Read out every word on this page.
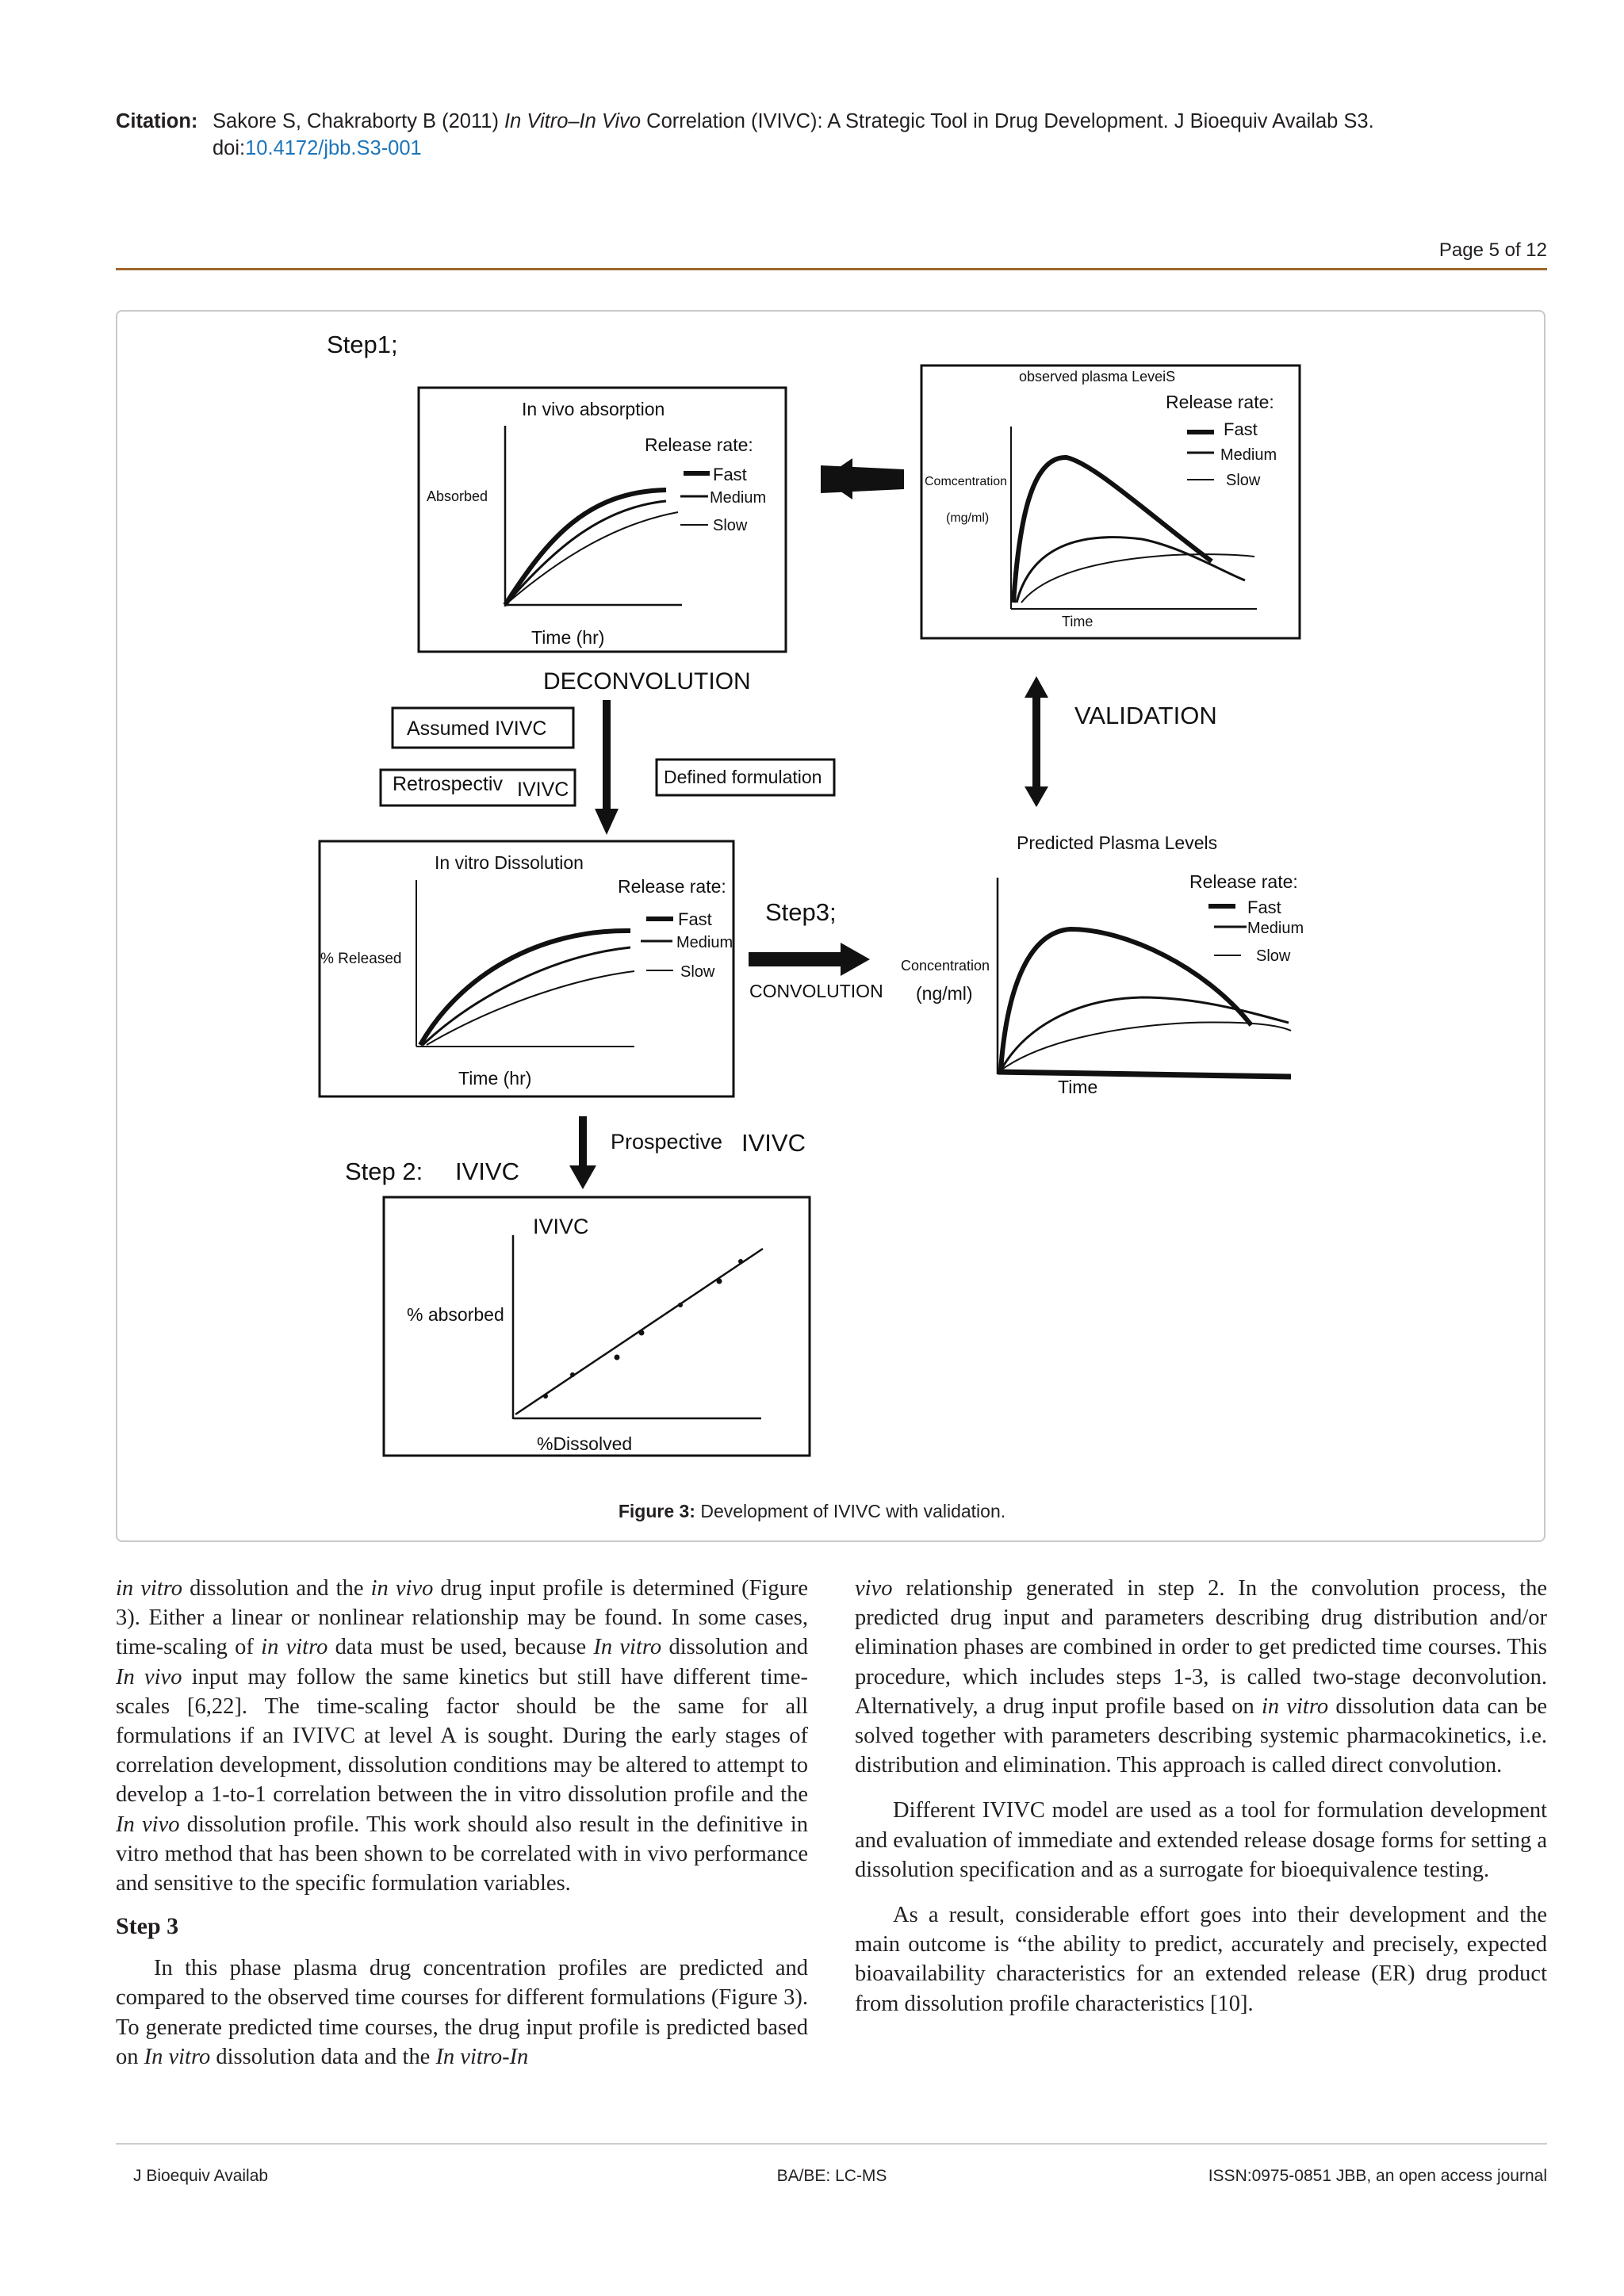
Citation: Sakore S, Chakraborty B (2011) In Vitro–In Vivo Correlation (IVIVC): A Strategic Tool in Drug Development. J Bioequiv Availab S3.
doi:10.4172/jbb.S3-001
Page 5 of 12
Step1;
In vivo absorption
Release rate:
Fast
Medium
Slow
Absorbed
Time (hr)
observed plasma LeveiS
Release rate:
Fast
Medium
Slow
Comcentration
(mg/ml)
Time
DECONVOLUTION
VALIDATION
Assumed IVIVC
Retrospectiv IVIVC
Defined formulation
In vitro Dissolution
Release rate:
Fast
Medium
Slow
% Released
Time (hr)
Step3;
CONVOLUTION
Predicted Plasma Levels
Release rate:
Fast
Medium
Slow
Concentration
(ng/ml)
Time
Prospective IVIVC
Step 2: IVIVC
IVIVC
% absorbed
%Dissolved
Figure 3: Development of IVIVC with validation.

in vitro dissolution and the in vivo drug input profile is determined (Figure 3). Either a linear or nonlinear relationship may be found. In some cases, time-scaling of in vitro data must be used, because In vitro dissolution and In vivo input may follow the same kinetics but still have different time-scales [6,22]. The time-scaling factor should be the same for all formulations if an IVIVC at level A is sought. During the early stages of correlation development, dissolution conditions may be altered to attempt to develop a 1-to-1 correlation between the in vitro dissolution profile and the In vivo dissolution profile. This work should also result in the definitive in vitro method that has been shown to be correlated with in vivo performance and sensitive to the specific formulation variables.

Step 3

In this phase plasma drug concentration profiles are predicted and compared to the observed time courses for different formulations (Figure 3). To generate predicted time courses, the drug input profile is predicted based on In vitro dissolution data and the In vitro-In

vivo relationship generated in step 2. In the convolution process, the predicted drug input and parameters describing drug distribution and/or elimination phases are combined in order to get predicted time courses. This procedure, which includes steps 1-3, is called two-stage deconvolution. Alternatively, a drug input profile based on in vitro dissolution data can be solved together with parameters describing systemic pharmacokinetics, i.e. distribution and elimination. This approach is called direct convolution.

Different IVIVC model are used as a tool for formulation development and evaluation of immediate and extended release dosage forms for setting a dissolution specification and as a surrogate for bioequivalence testing.

As a result, considerable effort goes into their development and the main outcome is “the ability to predict, accurately and precisely, expected bioavailability characteristics for an extended release (ER) drug product from dissolution profile characteristics [10].

J Bioequiv Availab	BA/BE: LC-MS	ISSN:0975-0851 JBB, an open access journal
